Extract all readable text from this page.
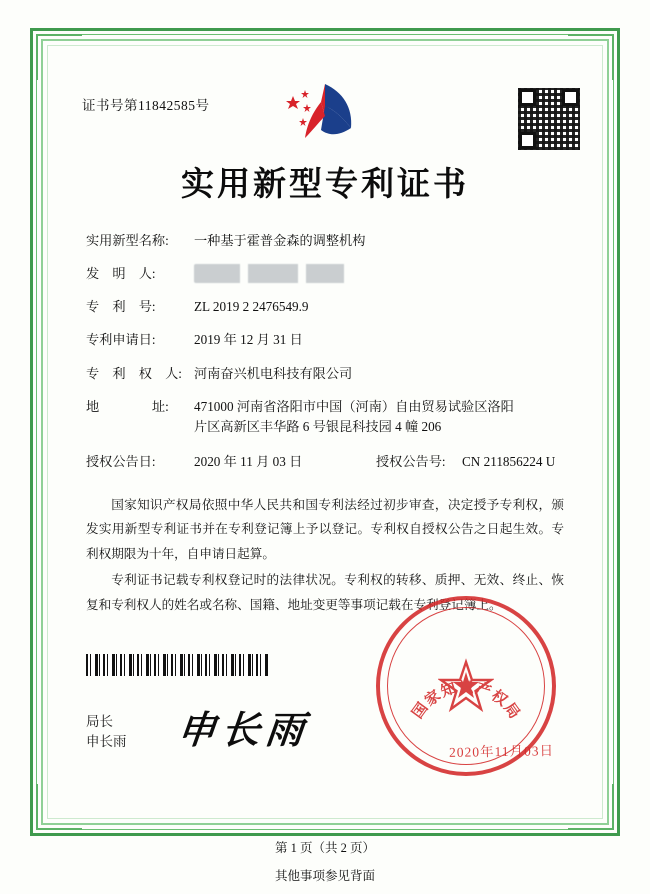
证书号第11842585号
实用新型专利证书
实用新型名称:	一种基于霍普金森的调整机构
发　明　人:
专　利　号:	ZL 2019 2 2476549.9
专利申请日:	2019 年 12 月 31 日
专　利　权　人: 河南奋兴机电科技有限公司
地　　　　址:	471000 河南省洛阳市中国（河南）自由贸易试验区洛阳
片区高新区丰华路 6 号银昆科技园 4 幢 206
授权公告日:	2020 年 11 月 03 日	授权公告号:	CN 211856224 U

国家知识产权局依照中华人民共和国专利法经过初步审查，决定授予专利权，颁发实用新型专利证书并在专利登记簿上予以登记。专利权自授权公告之日起生效。专利权期限为十年，自申请日起算。

专利证书记载专利权登记时的法律状况。专利权的转移、质押、无效、终止、恢复和专利权人的姓名或名称、国籍、地址变更等事项记载在专利登记簿上。

局长
申长雨 申长雨	国
家
知 识 产
权
局
2020年11月03日
第 1 页（共 2 页）
其他事项参见背面
